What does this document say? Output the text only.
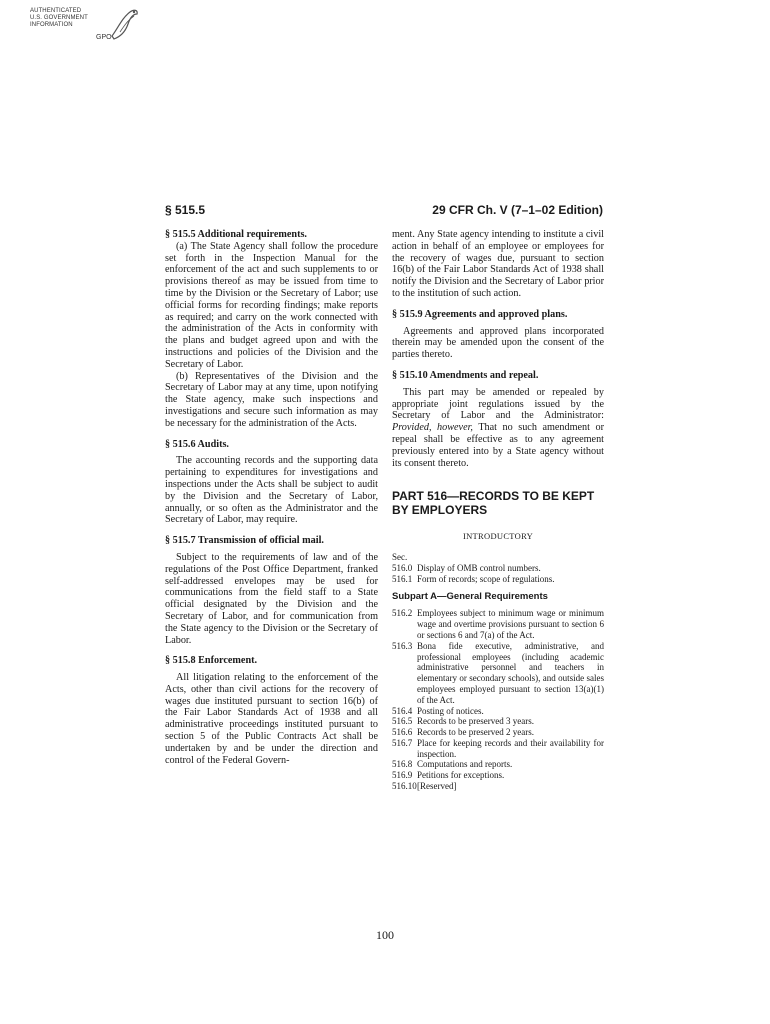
AUTHENTICATED
U.S. GOVERNMENT
INFORMATION
GPO
§ 515.5	29 CFR Ch. V (7–1–02 Edition)

§ 515.5 Additional requirements.

(a) The State Agency shall follow the procedure set forth in the Inspection Manual for the enforcement of the act and such supplements to or provisions thereof as may be issued from time to time by the Division or the Secretary of Labor; use official forms for recording findings; make reports as required; and carry on the work connected with the administration of the Acts in conformity with the plans and budget agreed upon and with the instructions and policies of the Division and the Secretary of Labor.

(b) Representatives of the Division and the Secretary of Labor may at any time, upon notifying the State agency, make such inspections and investigations and secure such information as may be necessary for the administration of the Acts.

§ 515.6 Audits.

The accounting records and the supporting data pertaining to expenditures for investigations and inspections under the Acts shall be subject to audit by the Division and the Secretary of Labor, annually, or so often as the Administrator and the Secretary of Labor, may require.

§ 515.7 Transmission of official mail.

Subject to the requirements of law and of the regulations of the Post Office Department, franked self-addressed envelopes may be used for communications from the field staff to a State official designated by the Division and the Secretary of Labor, and for communication from the State agency to the Division or the Secretary of Labor.

§ 515.8 Enforcement.

All litigation relating to the enforcement of the Acts, other than civil actions for the recovery of wages due instituted pursuant to section 16(b) of the Fair Labor Standards Act of 1938 and all administrative proceedings instituted pursuant to section 5 of the Public Contracts Act shall be undertaken by and be under the direction and control of the Federal Govern-

ment. Any State agency intending to institute a civil action in behalf of an employee or employees for the recovery of wages due, pursuant to section 16(b) of the Fair Labor Standards Act of 1938 shall notify the Division and the Secretary of Labor prior to the institution of such action.

§ 515.9 Agreements and approved plans.

Agreements and approved plans incorporated therein may be amended upon the consent of the parties thereto.

§ 515.10 Amendments and repeal.

This part may be amended or repealed by appropriate joint regulations issued by the Secretary of Labor and the Administrator: Provided, however, That no such amendment or repeal shall be effective as to any agreement previously entered into by a State agency without its consent thereto.

PART 516—RECORDS TO BE KEPT

BY EMPLOYERS

INTRODUCTORY
Sec.
516.0 Display of OMB control numbers.
516.1 Form of records; scope of regulations.

Subpart A—General Requirements

516.2 Employees subject to minimum wage or minimum wage and overtime provisions pursuant to section 6 or sections 6 and 7(a) of the Act.
516.3 Bona fide executive, administrative, and professional employees (including academic administrative personnel and teachers in elementary or secondary schools), and outside sales employees employed pursuant to section 13(a)(1) of the Act.
516.4 Posting of notices.
516.5 Records to be preserved 3 years.
516.6 Records to be preserved 2 years.
516.7 Place for keeping records and their availability for inspection.
516.8 Computations and reports.
516.9 Petitions for exceptions.
516.10 [Reserved]
100
